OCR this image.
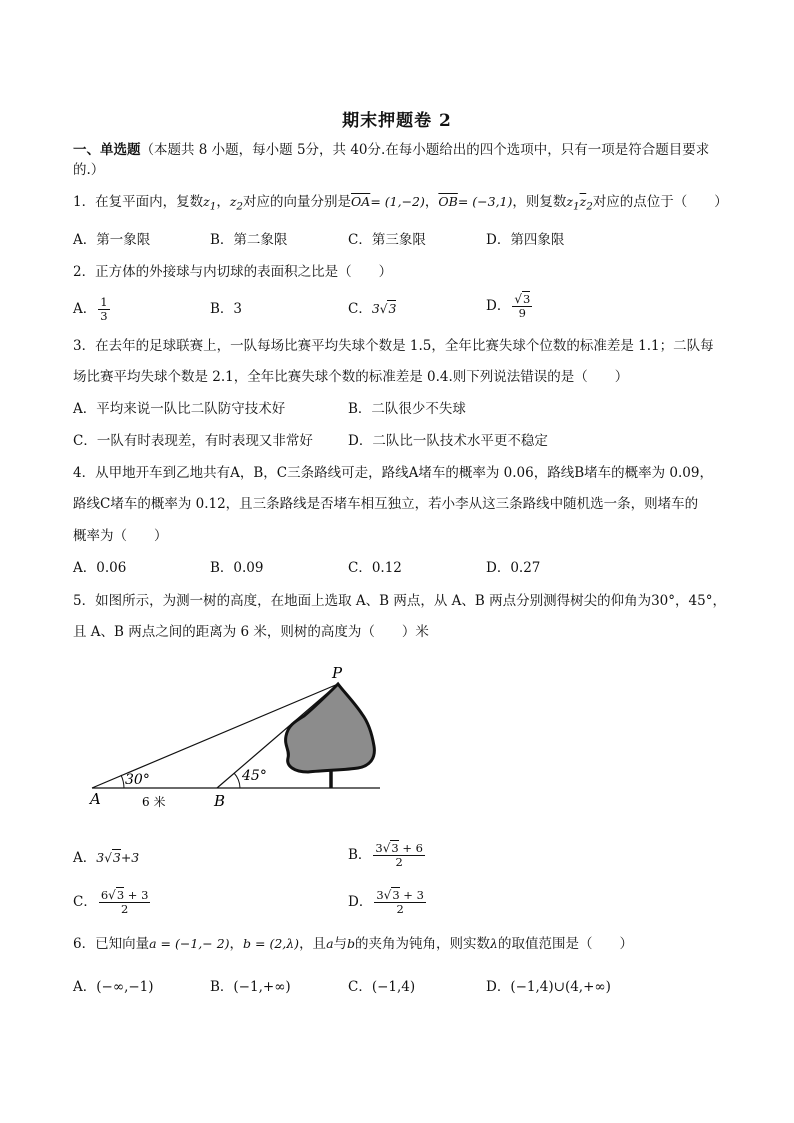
期末押题卷 2
一、单选题（本题共 8 小题，每小题 5分，共 40分.在每小题给出的四个选项中，只有一项是符合题目要求
的.）
1．在复平面内，复数$z_1$，$z_2$对应的向量分别是$\overline{OA}= (1,-2)$，$\overline{OB}= (-3,1)$，则复数$z_1\overline{z}_2$对应的点位于（　　）
A．第一象限	B．第二象限	C．第三象限	D．第四象限
2．正方体的外接球与内切球的表面积之比是（　　）
A． $\frac{1}{3}$	B．3	C．3√3	D． $\frac{√3}{9}$
3．在去年的足球联赛上，一队每场比赛平均失球个数是 1.5，全年比赛失球个位数的标准差是 1.1；二队每
场比赛平均失球个数是 2.1，全年比赛失球个数的标准差是 0.4.则下列说法错误的是（　　）
A．平均来说一队比二队防守技术好	B．二队很少不失球
C．一队有时表现差，有时表现又非常好	D．二队比一队技术水平更不稳定
4．从甲地开车到乙地共有A，B，C三条路线可走，路线A堵车的概率为 0.06，路线B堵车的概率为 0.09，
路线C堵车的概率为 0.12，且三条路线是否堵车相互独立，若小李从这三条路线中随机选一条，则堵车的
概率为（　　）
A．0.06	B．0.09	C．0.12	D．0.27
5．如图所示，为测一树的高度，在地面上选取 A、B 两点，从 A、B 两点分别测得树尖的仰角为30°，45°，
且 A、B 两点之间的距离为 6 米，则树的高度为（　　）米
P
A	B
30°	45°
6 米
A．3√3+3	B． $\frac{3√3 + 6}{2}$
C． $\frac{6√3 + 3}{2}$	D． $\frac{3√3 + 3}{2}$
6．已知向量a = (−1,− 2)，b = (2,λ)，且a与b的夹角为钝角，则实数λ的取值范围是（　　）
A．(−∞,−1)	B．(−1,+∞)	C．(−1,4)	D．(−1,4)∪(4,+∞)
